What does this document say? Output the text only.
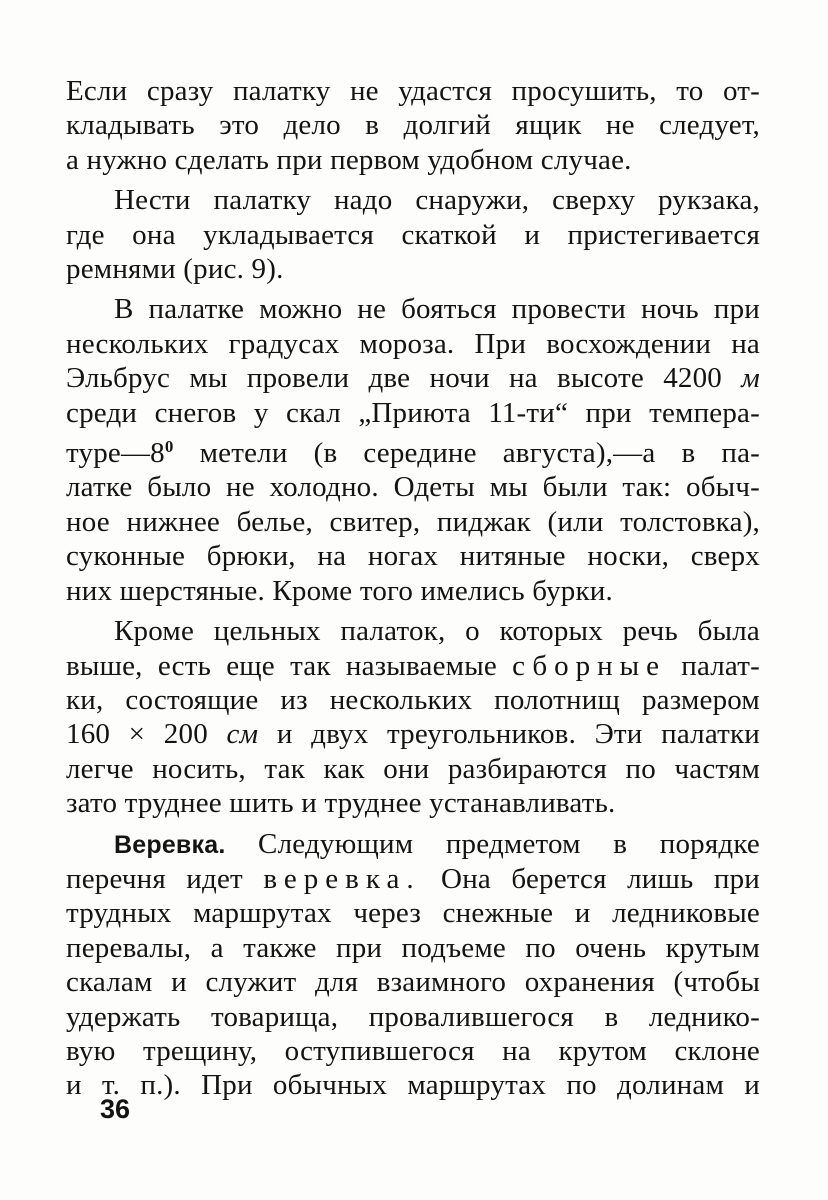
Если сразу палатку не удастся просушить, то от-
кладывать это дело в долгий ящик не следует,
а нужно сделать при первом удобном случае.

Нести палатку надо снаружи, сверху рукзака,
где она укладывается скаткой и пристегивается
ремнями (рис. 9).

В палатке можно не бояться провести ночь при
нескольких градусах мороза. При восхождении на
Эльбрус мы провели две ночи на высоте 4200 м
среди снегов у скал „Приюта 11-ти“ при темпера-
$туре—8^0$ метели (в середине августа),—а в па-
латке было не холодно. Одеты мы были так: обыч-
ное нижнее белье, свитер, пиджак (или толстовка),
суконные брюки, на ногах нитяные носки, сверх
них шерстяные. Кроме того имелись бурки.

Кроме цельных палаток, о которых речь была
выше, есть еще так называемые сборные палат-
ки, состоящие из нескольких полотнищ размером
160 × 200 см и двух треугольников. Эти палатки
легче носить, так как они разбираются по частям
зато труднее шить и труднее устанавливать.

Веревка. Следующим предметом в порядке
перечня идет веревка. Она берется лишь при
трудных маршрутах через снежные и ледниковые
перевалы, а также при подъеме по очень крутым
скалам и служит для взаимного охранения (чтобы
удержать товарища, провалившегося в леднико-
вую трещину, оступившегося на крутом склоне
и т. п.). При обычных маршрутах по долинам и

36
